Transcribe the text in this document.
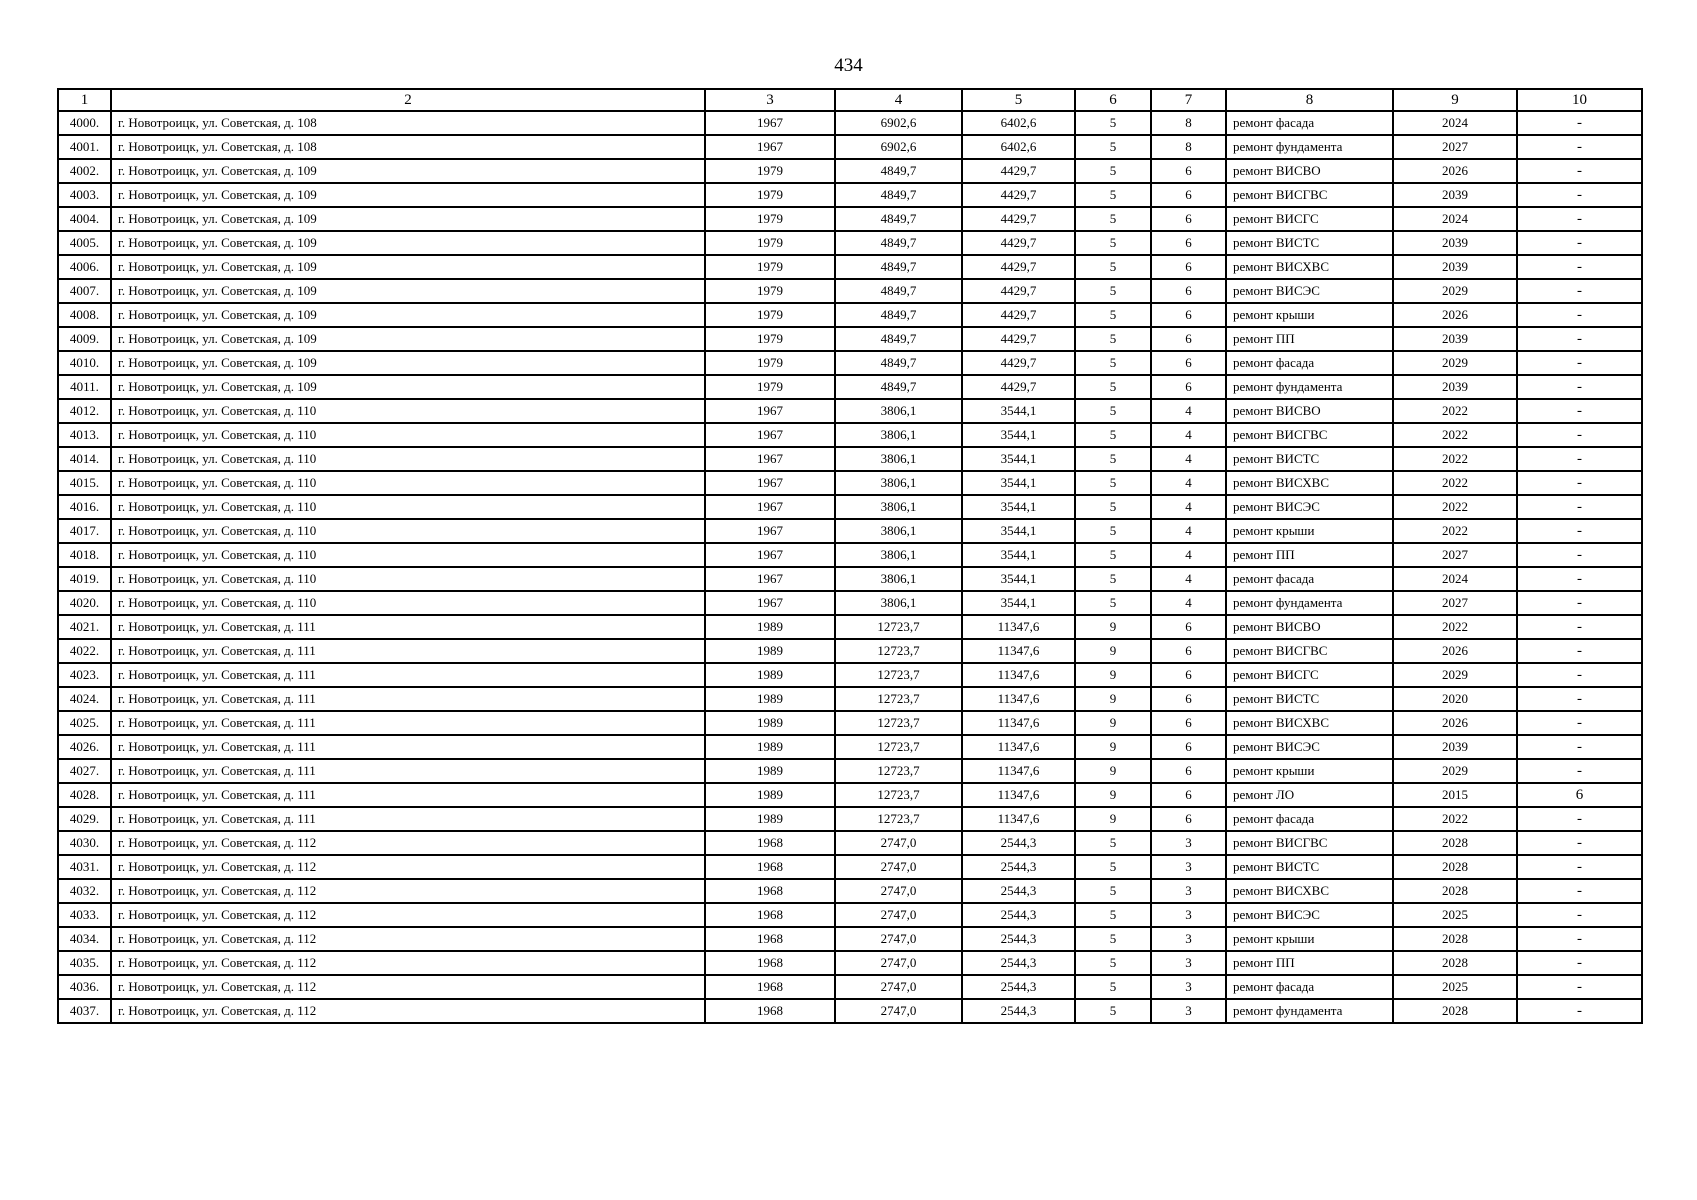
434
1	2	3	4	5	6	7	8	9	10
4000.	г. Новотроицк, ул. Советская, д. 108	1967	6902,6	6402,6	5	8	ремонт фасада	2024	-
4001.	г. Новотроицк, ул. Советская, д. 108	1967	6902,6	6402,6	5	8	ремонт фундамента	2027	-
4002.	г. Новотроицк, ул. Советская, д. 109	1979	4849,7	4429,7	5	6	ремонт ВИСВО	2026	-
4003.	г. Новотроицк, ул. Советская, д. 109	1979	4849,7	4429,7	5	6	ремонт ВИСГВС	2039	-
4004.	г. Новотроицк, ул. Советская, д. 109	1979	4849,7	4429,7	5	6	ремонт ВИСГС	2024	-
4005.	г. Новотроицк, ул. Советская, д. 109	1979	4849,7	4429,7	5	6	ремонт ВИСТС	2039	-
4006.	г. Новотроицк, ул. Советская, д. 109	1979	4849,7	4429,7	5	6	ремонт ВИСХВС	2039	-
4007.	г. Новотроицк, ул. Советская, д. 109	1979	4849,7	4429,7	5	6	ремонт ВИСЭС	2029	-
4008.	г. Новотроицк, ул. Советская, д. 109	1979	4849,7	4429,7	5	6	ремонт крыши	2026	-
4009.	г. Новотроицк, ул. Советская, д. 109	1979	4849,7	4429,7	5	6	ремонт ПП	2039	-
4010.	г. Новотроицк, ул. Советская, д. 109	1979	4849,7	4429,7	5	6	ремонт фасада	2029	-
4011.	г. Новотроицк, ул. Советская, д. 109	1979	4849,7	4429,7	5	6	ремонт фундамента	2039	-
4012.	г. Новотроицк, ул. Советская, д. 110	1967	3806,1	3544,1	5	4	ремонт ВИСВО	2022	-
4013.	г. Новотроицк, ул. Советская, д. 110	1967	3806,1	3544,1	5	4	ремонт ВИСГВС	2022	-
4014.	г. Новотроицк, ул. Советская, д. 110	1967	3806,1	3544,1	5	4	ремонт ВИСТС	2022	-
4015.	г. Новотроицк, ул. Советская, д. 110	1967	3806,1	3544,1	5	4	ремонт ВИСХВС	2022	-
4016.	г. Новотроицк, ул. Советская, д. 110	1967	3806,1	3544,1	5	4	ремонт ВИСЭС	2022	-
4017.	г. Новотроицк, ул. Советская, д. 110	1967	3806,1	3544,1	5	4	ремонт крыши	2022	-
4018.	г. Новотроицк, ул. Советская, д. 110	1967	3806,1	3544,1	5	4	ремонт ПП	2027	-
4019.	г. Новотроицк, ул. Советская, д. 110	1967	3806,1	3544,1	5	4	ремонт фасада	2024	-
4020.	г. Новотроицк, ул. Советская, д. 110	1967	3806,1	3544,1	5	4	ремонт фундамента	2027	-
4021.	г. Новотроицк, ул. Советская, д. 111	1989	12723,7	11347,6	9	6	ремонт ВИСВО	2022	-
4022.	г. Новотроицк, ул. Советская, д. 111	1989	12723,7	11347,6	9	6	ремонт ВИСГВС	2026	-
4023.	г. Новотроицк, ул. Советская, д. 111	1989	12723,7	11347,6	9	6	ремонт ВИСГС	2029	-
4024.	г. Новотроицк, ул. Советская, д. 111	1989	12723,7	11347,6	9	6	ремонт ВИСТС	2020	-
4025.	г. Новотроицк, ул. Советская, д. 111	1989	12723,7	11347,6	9	6	ремонт ВИСХВС	2026	-
4026.	г. Новотроицк, ул. Советская, д. 111	1989	12723,7	11347,6	9	6	ремонт ВИСЭС	2039	-
4027.	г. Новотроицк, ул. Советская, д. 111	1989	12723,7	11347,6	9	6	ремонт крыши	2029	-
4028.	г. Новотроицк, ул. Советская, д. 111	1989	12723,7	11347,6	9	6	ремонт ЛО	2015	6
4029.	г. Новотроицк, ул. Советская, д. 111	1989	12723,7	11347,6	9	6	ремонт фасада	2022	-
4030.	г. Новотроицк, ул. Советская, д. 112	1968	2747,0	2544,3	5	3	ремонт ВИСГВС	2028	-
4031.	г. Новотроицк, ул. Советская, д. 112	1968	2747,0	2544,3	5	3	ремонт ВИСТС	2028	-
4032.	г. Новотроицк, ул. Советская, д. 112	1968	2747,0	2544,3	5	3	ремонт ВИСХВС	2028	-
4033.	г. Новотроицк, ул. Советская, д. 112	1968	2747,0	2544,3	5	3	ремонт ВИСЭС	2025	-
4034.	г. Новотроицк, ул. Советская, д. 112	1968	2747,0	2544,3	5	3	ремонт крыши	2028	-
4035.	г. Новотроицк, ул. Советская, д. 112	1968	2747,0	2544,3	5	3	ремонт ПП	2028	-
4036.	г. Новотроицк, ул. Советская, д. 112	1968	2747,0	2544,3	5	3	ремонт фасада	2025	-
4037.	г. Новотроицк, ул. Советская, д. 112	1968	2747,0	2544,3	5	3	ремонт фундамента	2028	-
